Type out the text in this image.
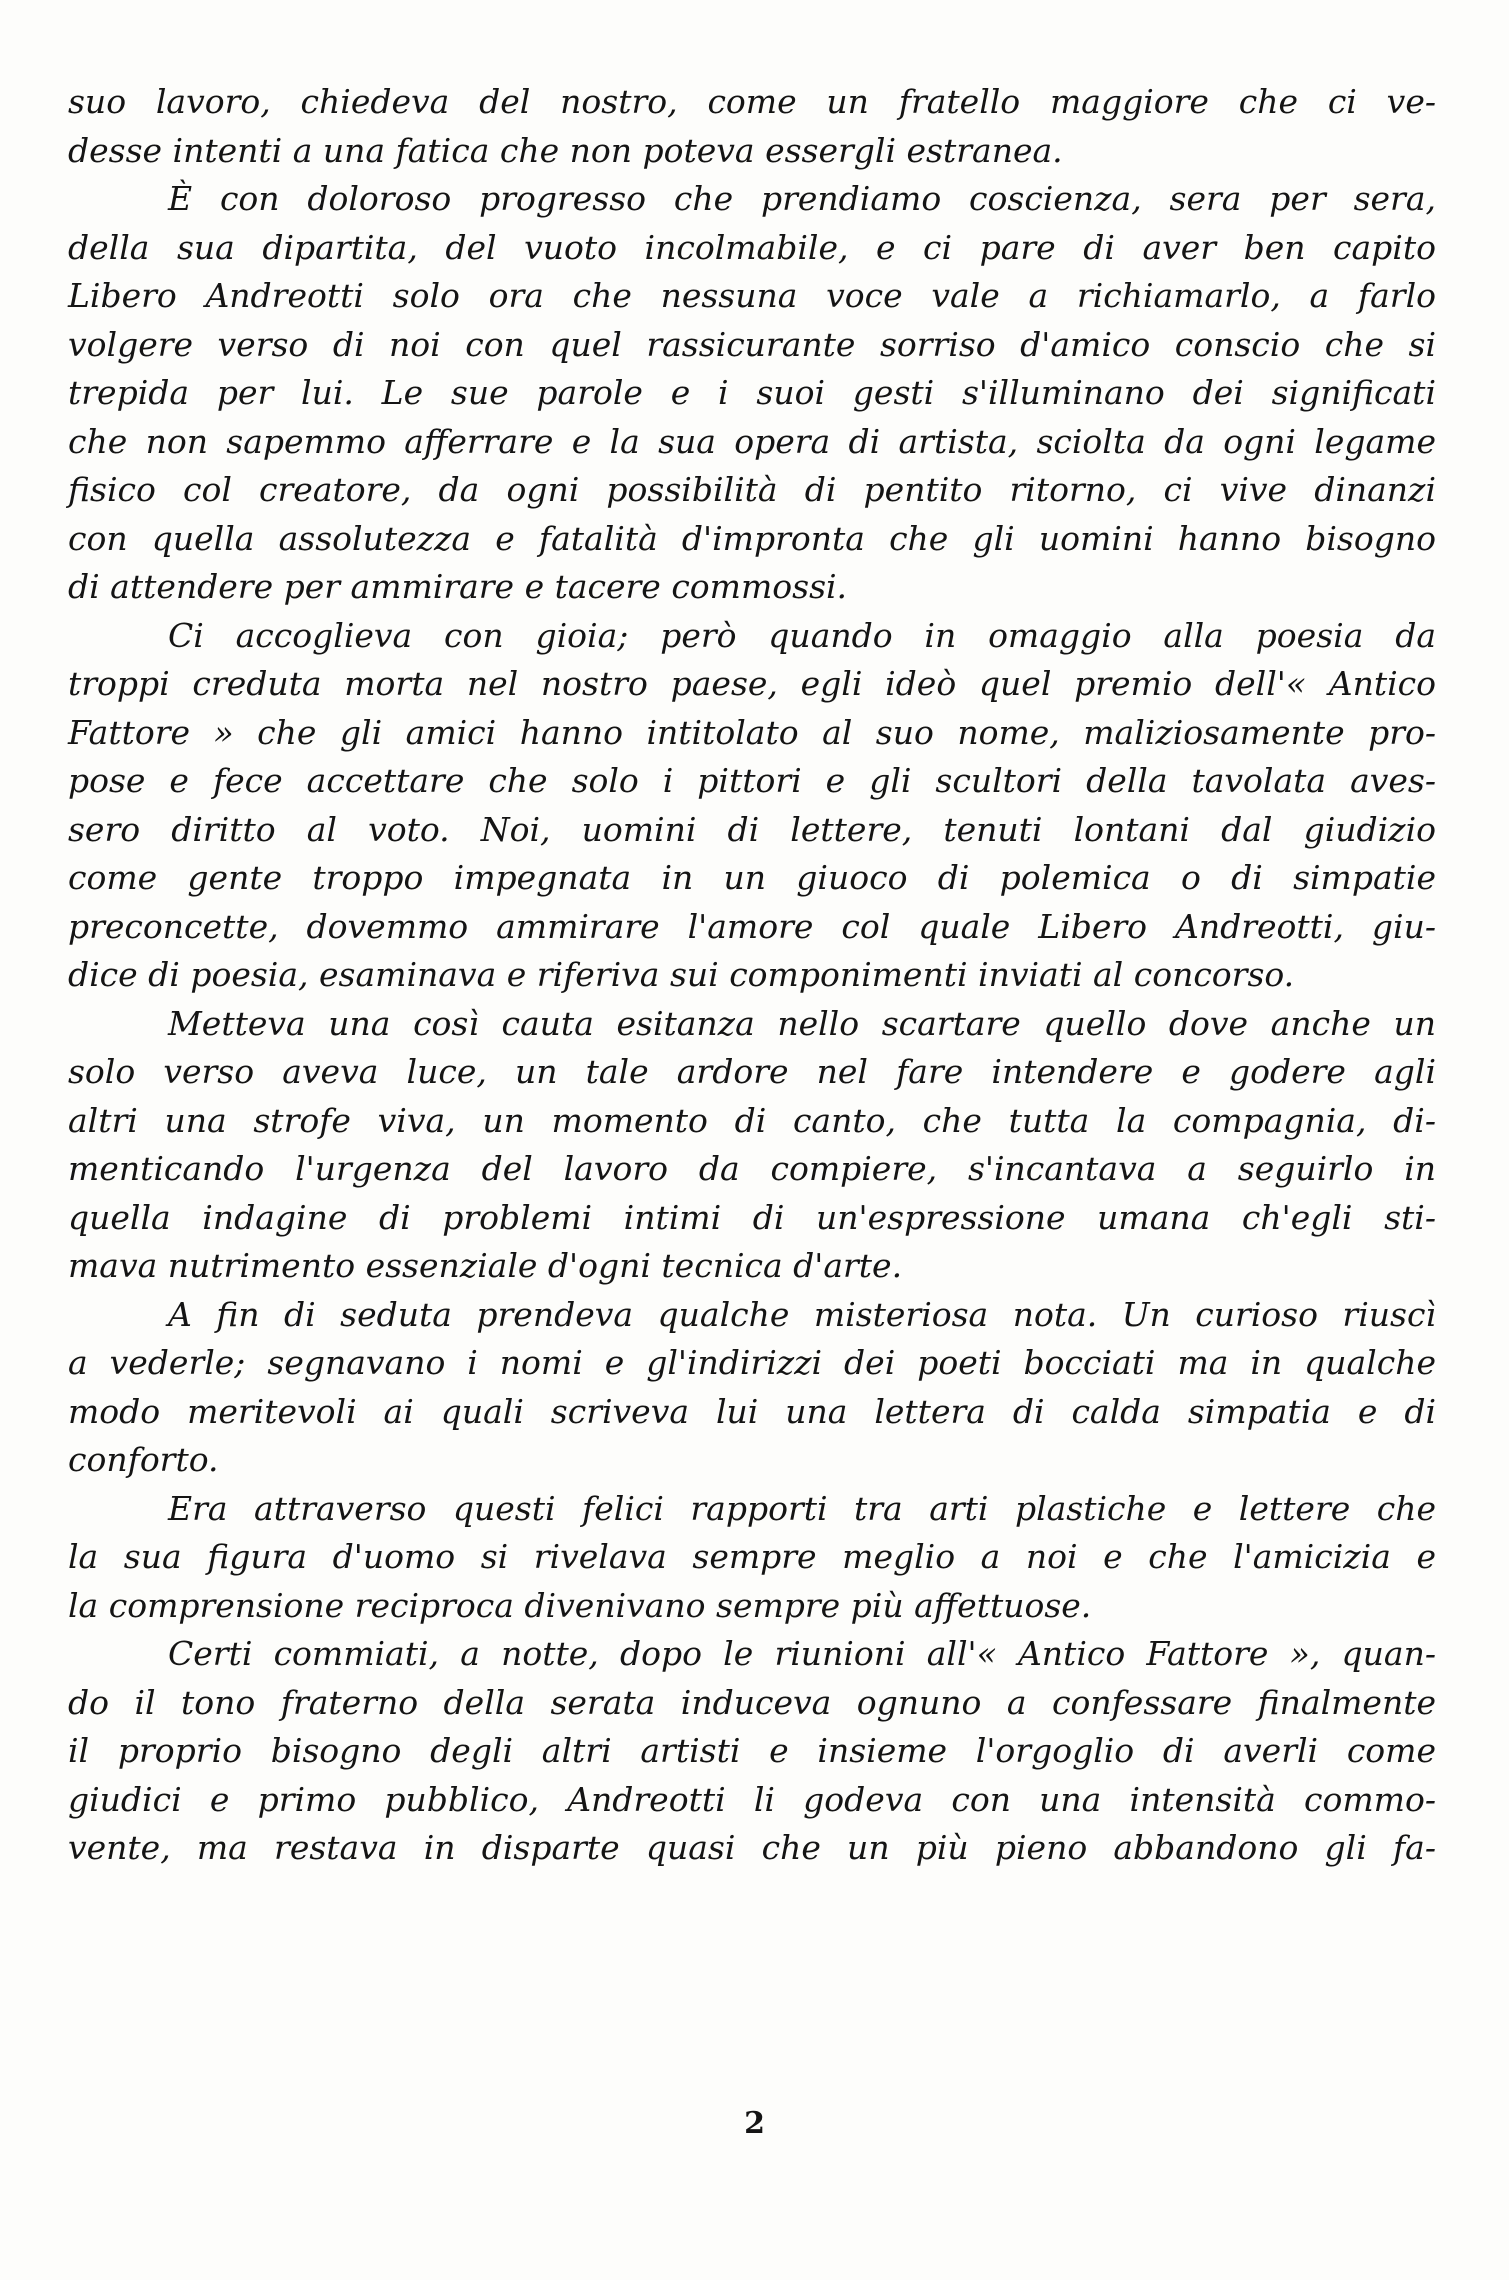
suo lavoro, chiedeva del nostro, come un fratello maggiore che ci ve-
desse intenti a una fatica che non poteva essergli estranea.
È con doloroso progresso che prendiamo coscienza, sera per sera,
della sua dipartita, del vuoto incolmabile, e ci pare di aver ben capito
Libero Andreotti solo ora che nessuna voce vale a richiamarlo, a farlo
volgere verso di noi con quel rassicurante sorriso d'amico conscio che si
trepida per lui. Le sue parole e i suoi gesti s'illuminano dei significati
che non sapemmo afferrare e la sua opera di artista, sciolta da ogni legame
fisico col creatore, da ogni possibilità di pentito ritorno, ci vive dinanzi
con quella assolutezza e fatalità d'impronta che gli uomini hanno bisogno
di attendere per ammirare e tacere commossi.
Ci accoglieva con gioia; però quando in omaggio alla poesia da
troppi creduta morta nel nostro paese, egli ideò quel premio dell'« Antico
Fattore » che gli amici hanno intitolato al suo nome, maliziosamente pro-
pose e fece accettare che solo i pittori e gli scultori della tavolata aves-
sero diritto al voto. Noi, uomini di lettere, tenuti lontani dal giudizio
come gente troppo impegnata in un giuoco di polemica o di simpatie
preconcette, dovemmo ammirare l'amore col quale Libero Andreotti, giu-
dice di poesia, esaminava e riferiva sui componimenti inviati al concorso.
Metteva una così cauta esitanza nello scartare quello dove anche un
solo verso aveva luce, un tale ardore nel fare intendere e godere agli
altri una strofe viva, un momento di canto, che tutta la compagnia, di-
menticando l'urgenza del lavoro da compiere, s'incantava a seguirlo in
quella indagine di problemi intimi di un'espressione umana ch'egli sti-
mava nutrimento essenziale d'ogni tecnica d'arte.
A fin di seduta prendeva qualche misteriosa nota. Un curioso riuscì
a vederle; segnavano i nomi e gl'indirizzi dei poeti bocciati ma in qualche
modo meritevoli ai quali scriveva lui una lettera di calda simpatia e di
conforto.
Era attraverso questi felici rapporti tra arti plastiche e lettere che
la sua figura d'uomo si rivelava sempre meglio a noi e che l'amicizia e
la comprensione reciproca divenivano sempre più affettuose.
Certi commiati, a notte, dopo le riunioni all'« Antico Fattore », quan-
do il tono fraterno della serata induceva ognuno a confessare finalmente
il proprio bisogno degli altri artisti e insieme l'orgoglio di averli come
giudici e primo pubblico, Andreotti li godeva con una intensità commo-
vente, ma restava in disparte quasi che un più pieno abbandono gli fa-
2
